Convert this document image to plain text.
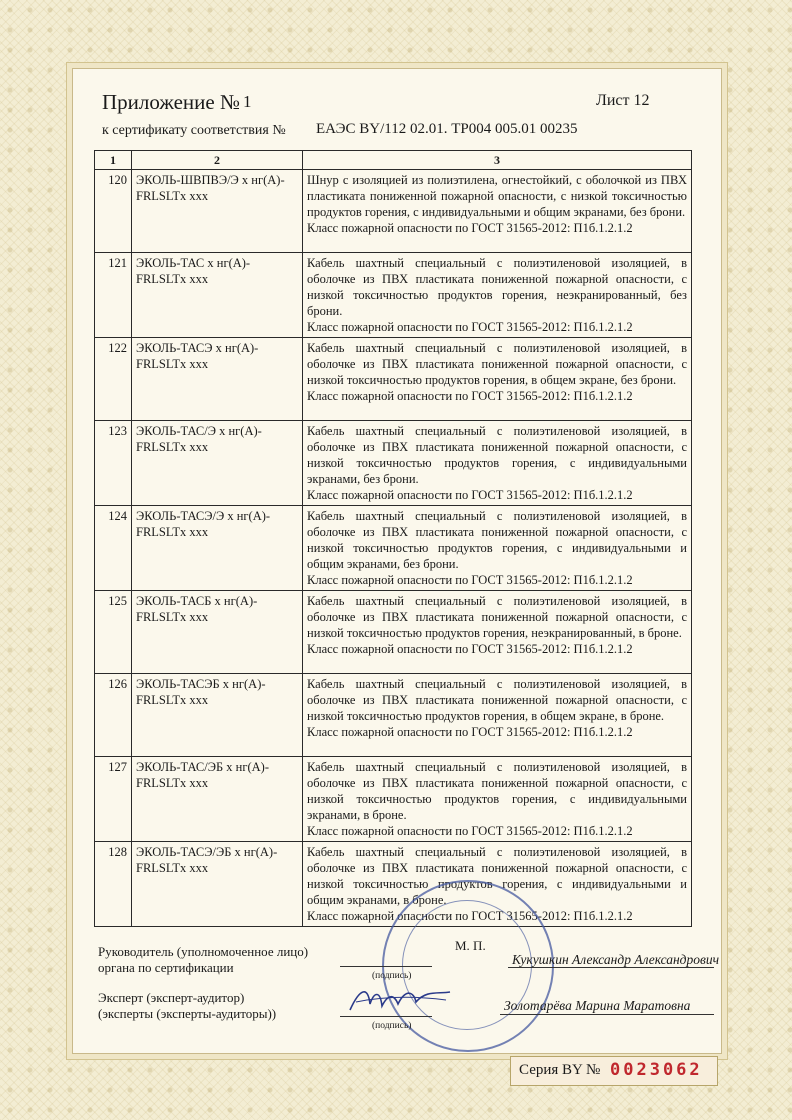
Приложение № 1	Лист 12
к сертификату соответствия № ЕАЭС BY/112 02.01. ТР004 005.01 00235
1	2	3
120	ЭКОЛЬ-ШВПВЭ/Э х нг(А)-FRLSLTx ххх	Шнур с изоляцией из полиэтилена, огнестойкий, с оболочкой из ПВХ пластиката пониженной пожарной опасности, с низкой токсичностью продуктов горения, с индивидуальными и общим экранами, без брони.
Класс пожарной опасности по ГОСТ 31565-2012: П1б.1.2.1.2

121	ЭКОЛЬ-ТАС х нг(А)-FRLSLTx ххх	Кабель шахтный специальный с полиэтиленовой изоляцией, в оболочке из ПВХ пластиката пониженной пожарной опасности, с низкой токсичностью продуктов горения, неэкранированный, без брони.
Класс пожарной опасности по ГОСТ 31565-2012: П1б.1.2.1.2

122	ЭКОЛЬ-ТАСЭ х нг(А)-FRLSLTx ххх	Кабель шахтный специальный с полиэтиленовой изоляцией, в оболочке из ПВХ пластиката пониженной пожарной опасности, с низкой токсичностью продуктов горения, в общем экране, без брони.
Класс пожарной опасности по ГОСТ 31565-2012: П1б.1.2.1.2

123	ЭКОЛЬ-ТАС/Э х нг(А)-FRLSLTx ххх	Кабель шахтный специальный с полиэтиленовой изоляцией, в оболочке из ПВХ пластиката пониженной пожарной опасности, с низкой токсичностью продуктов горения, с индивидуальными экранами, без брони.
Класс пожарной опасности по ГОСТ 31565-2012: П1б.1.2.1.2

124	ЭКОЛЬ-ТАСЭ/Э х нг(А)-FRLSLTx ххх	Кабель шахтный специальный с полиэтиленовой изоляцией, в оболочке из ПВХ пластиката пониженной пожарной опасности, с низкой токсичностью продуктов горения, с индивидуальными и общим экранами, без брони.
Класс пожарной опасности по ГОСТ 31565-2012: П1б.1.2.1.2

125	ЭКОЛЬ-ТАСБ х нг(А)-FRLSLTx ххх	Кабель шахтный специальный с полиэтиленовой изоляцией, в оболочке из ПВХ пластиката пониженной пожарной опасности, с низкой токсичностью продуктов горения, неэкранированный, в броне.
Класс пожарной опасности по ГОСТ 31565-2012: П1б.1.2.1.2

126	ЭКОЛЬ-ТАСЭБ х нг(А)-FRLSLTx ххх	Кабель шахтный специальный с полиэтиленовой изоляцией, в оболочке из ПВХ пластиката пониженной пожарной опасности, с низкой токсичностью продуктов горения, в общем экране, в броне.
Класс пожарной опасности по ГОСТ 31565-2012: П1б.1.2.1.2

127	ЭКОЛЬ-ТАС/ЭБ х нг(А)-FRLSLTx ххх	Кабель шахтный специальный с полиэтиленовой изоляцией, в оболочке из ПВХ пластиката пониженной пожарной опасности, с низкой токсичностью продуктов горения, с индивидуальными экранами, в броне.
Класс пожарной опасности по ГОСТ 31565-2012: П1б.1.2.1.2

128	ЭКОЛЬ-ТАСЭ/ЭБ х нг(А)-FRLSLTx ххх	Кабель шахтный специальный с полиэтиленовой изоляцией, в оболочке из ПВХ пластиката пониженной пожарной опасности, с низкой токсичностью продуктов горения, с индивидуальными и общим экранами, в броне.
Класс пожарной опасности по ГОСТ 31565-2012: П1б.1.2.1.2
Руководитель (уполномоченное лицо)
органа по сертификации
М. П.
(подпись)
Кукушкин Александр Александрович
Эксперт (эксперт-аудитор)
(эксперты (эксперты-аудиторы))
(подпись)
Золотарёва Марина Маратовна
Серия BY № 0023062
